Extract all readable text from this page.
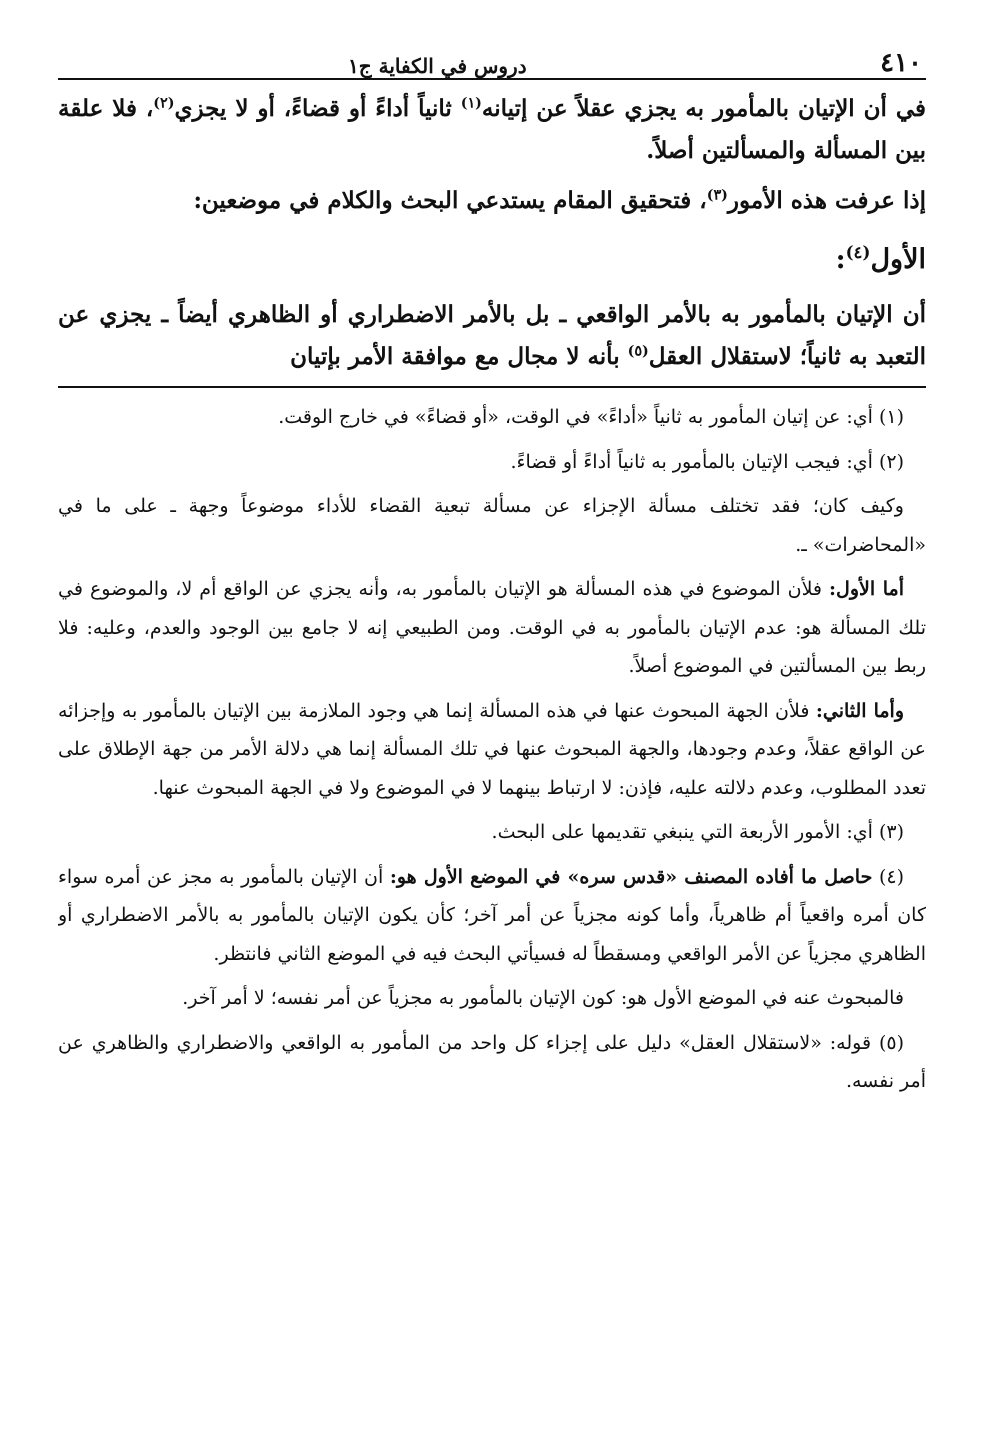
٤١٠
دروس في الكفاية ج١

في أن الإتيان بالمأمور به يجزي عقلاً عن إتيانه$^{(١)}$ ثانياً أداءً أو قضاءً، أو لا يجزي$^{(٢)}$، فلا علقة بين المسألة والمسألتين أصلاً.

إذا عرفت هذه الأمور$^{(٣)}$، فتحقيق المقام يستدعي البحث والكلام في موضعين:

الأول$^{(٤)}$:

أن الإتيان بالمأمور به بالأمر الواقعي ـ بل بالأمر الاضطراري أو الظاهري أيضاً ـ يجزي عن التعبد به ثانياً؛ لاستقلال العقل$^{(٥)}$ بأنه لا مجال مع موافقة الأمر بإتيان

(١) أي: عن إتيان المأمور به ثانياً «أداءً» في الوقت، «أو قضاءً» في خارج الوقت.

(٢) أي: فيجب الإتيان بالمأمور به ثانياً أداءً أو قضاءً.

وكيف كان؛ فقد تختلف مسألة الإجزاء عن مسألة تبعية القضاء للأداء موضوعاً وجهة ـ على ما في «المحاضرات» ـ.

أما الأول: فلأن الموضوع في هذه المسألة هو الإتيان بالمأمور به، وأنه يجزي عن الواقع أم لا، والموضوع في تلك المسألة هو: عدم الإتيان بالمأمور به في الوقت. ومن الطبيعي إنه لا جامع بين الوجود والعدم، وعليه: فلا ربط بين المسألتين في الموضوع أصلاً.

وأما الثاني: فلأن الجهة المبحوث عنها في هذه المسألة إنما هي وجود الملازمة بين الإتيان بالمأمور به وإجزائه عن الواقع عقلاً، وعدم وجودها، والجهة المبحوث عنها في تلك المسألة إنما هي دلالة الأمر من جهة الإطلاق على تعدد المطلوب، وعدم دلالته عليه، فإذن: لا ارتباط بينهما لا في الموضوع ولا في الجهة المبحوث عنها.

(٣) أي: الأمور الأربعة التي ينبغي تقديمها على البحث.

(٤) حاصل ما أفاده المصنف «قدس سره» في الموضع الأول هو: أن الإتيان بالمأمور به مجز عن أمره سواء كان أمره واقعياً أم ظاهرياً، وأما كونه مجزياً عن أمر آخر؛ كأن يكون الإتيان بالمأمور به بالأمر الاضطراري أو الظاهري مجزياً عن الأمر الواقعي ومسقطاً له فسيأتي البحث فيه في الموضع الثاني فانتظر.

فالمبحوث عنه في الموضع الأول هو: كون الإتيان بالمأمور به مجزياً عن أمر نفسه؛ لا أمر آخر.

(٥) قوله: «لاستقلال العقل» دليل على إجزاء كل واحد من المأمور به الواقعي والاضطراري والظاهري عن أمر نفسه.
